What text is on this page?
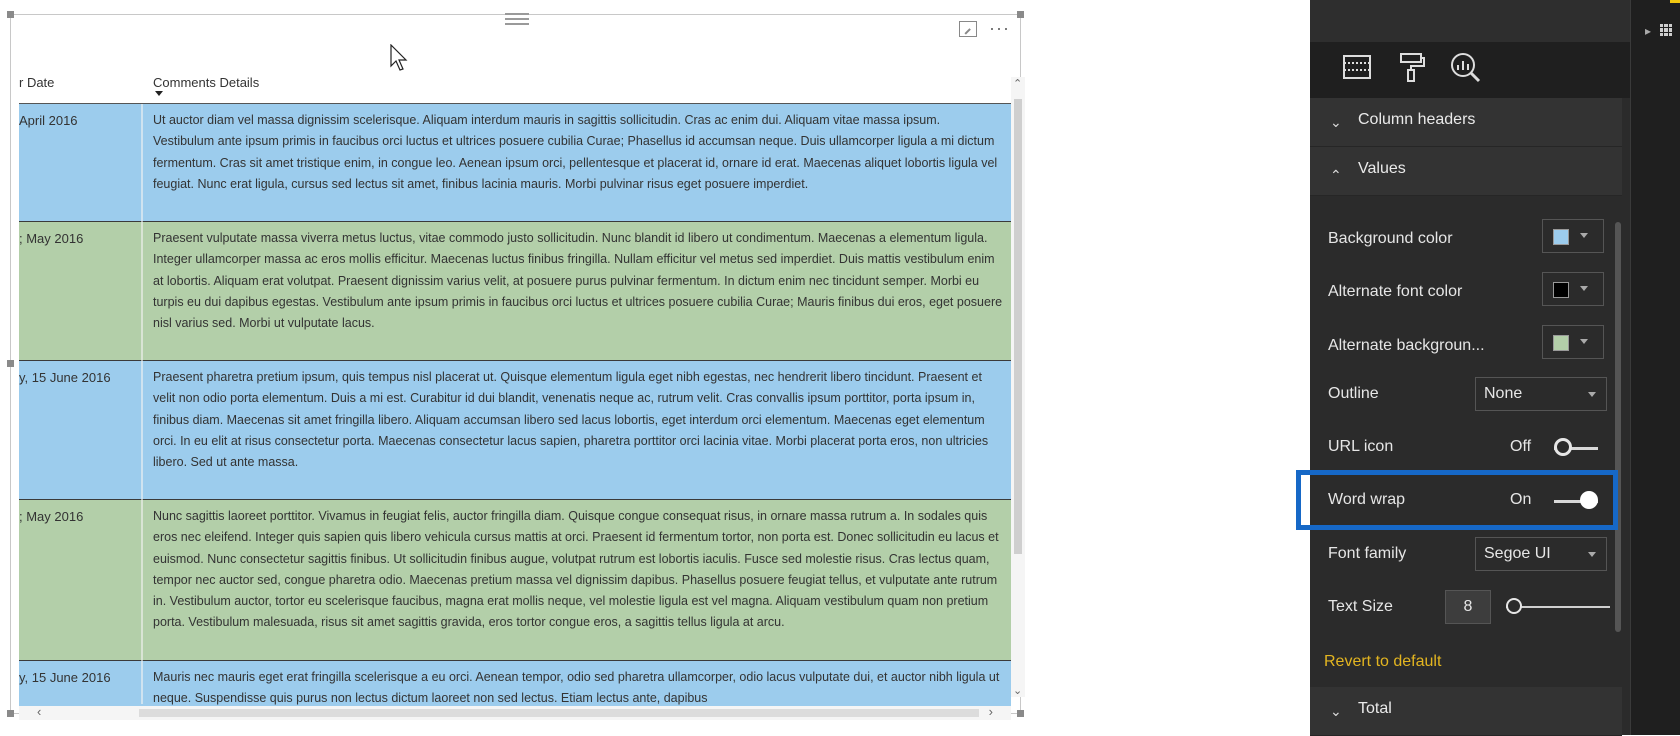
···
r Date	Comments Details
April 2016	Ut auctor diam vel massa dignissim scelerisque. Aliquam interdum mauris in sagittis sollicitudin. Cras ac enim dui. Aliquam vitae massa ipsum. Vestibulum ante ipsum primis in faucibus orci luctus et ultrices posuere cubilia Curae; Phasellus id accumsan neque. Duis ullamcorper ligula a mi dictum fermentum. Cras sit amet tristique enim, in congue leo. Aenean ipsum orci, pellentesque et placerat id, ornare id erat. Maecenas aliquet lobortis ligula vel feugiat. Nunc erat ligula, cursus sed lectus sit amet, finibus lacinia mauris. Morbi pulvinar risus eget posuere imperdiet.
; May 2016	Praesent vulputate massa viverra metus luctus, vitae commodo justo sollicitudin. Nunc blandit id libero ut condimentum. Maecenas a elementum ligula. Integer ullamcorper massa ac eros mollis efficitur. Maecenas luctus finibus fringilla. Nullam efficitur vel metus sed imperdiet. Duis mattis vestibulum enim at lobortis. Aliquam erat volutpat. Praesent dignissim varius velit, at posuere purus pulvinar fermentum. In dictum enim nec tincidunt semper. Morbi eu turpis eu dui dapibus egestas. Vestibulum ante ipsum primis in faucibus orci luctus et ultrices posuere cubilia Curae; Mauris finibus dui eros, eget posuere nisl varius sed. Morbi ut vulputate lacus.
y, 15 June 2016	Praesent pharetra pretium ipsum, quis tempus nisl placerat ut. Quisque elementum ligula eget nibh egestas, nec hendrerit libero tincidunt. Praesent et velit non odio porta elementum. Duis a mi est. Curabitur id dui blandit, venenatis neque ac, rutrum velit. Cras convallis ipsum porttitor, porta ipsum in, finibus diam. Maecenas sit amet fringilla libero. Aliquam accumsan libero sed lacus lobortis, eget interdum orci elementum. Maecenas eget elementum orci. In eu elit at risus consectetur porta. Maecenas consectetur lacus sapien, pharetra porttitor orci lacinia vitae. Morbi placerat porta eros, non ultricies libero. Sed ut ante massa.
; May 2016	Nunc sagittis laoreet porttitor. Vivamus in feugiat felis, auctor fringilla diam. Quisque congue consequat risus, in ornare massa rutrum a. In sodales quis eros nec eleifend. Integer quis sapien quis libero vehicula cursus mattis at orci. Praesent id fermentum tortor, non porta est. Donec sollicitudin eu lacus et euismod. Nunc consectetur sagittis finibus. Ut sollicitudin finibus augue, volutpat rutrum est lobortis iaculis. Fusce sed molestie risus. Cras lectus quam, tempor nec auctor sed, congue pharetra odio. Maecenas pretium massa vel dignissim dapibus. Phasellus posuere feugiat tellus, et vulputate ante rutrum in. Vestibulum auctor, tortor eu scelerisque faucibus, magna erat mollis neque, vel molestie ligula est vel magna. Aliquam vestibulum quam non pretium porta. Vestibulum malesuada, risus sit amet sagittis gravida, eros tortor congue eros, a sagittis tellus ligula at arcu.
y, 15 June 2016	Mauris nec mauris eget erat fringilla scelerisque a eu orci. Aenean tempor, odio sed pharetra ullamcorper, odio lacus vulputate dui, et auctor nibh ligula ut neque. Suspendisse quis purus non lectus dictum laoreet non sed lectus. Etiam lectus ante, dapibus
⌃
⌄
‹	›
⌄ Column headers
⌃ Values
Background color
Alternate font color
Alternate backgroun...
Outline	None
URL icon	Off
Word wrap	On
Font family	Segoe UI
Text Size	8
Revert to default
⌄ Total
▸
